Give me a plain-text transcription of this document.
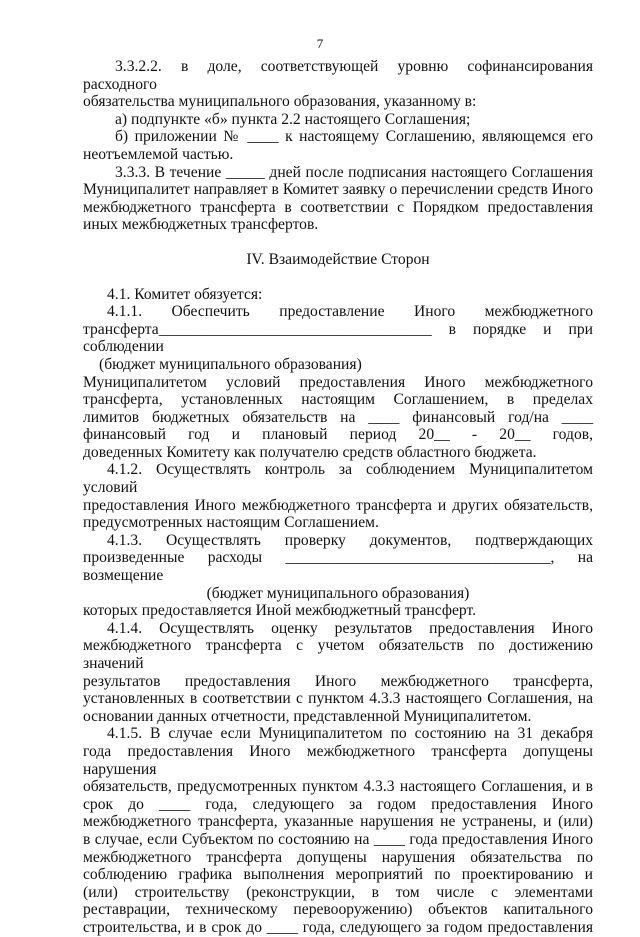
7

3.3.2.2. в доле, соответствующей уровню софинансирования расходного

обязательства муниципального образования, указанному в:

а) подпункте «б» пункта 2.2 настоящего Соглашения;

б) приложении № ____ к настоящему Соглашению, являющемся его

неотъемлемой частью.

3.3.3. В течение _____ дней после подписания настоящего Соглашения

Муниципалитет направляет в Комитет заявку о перечислении средств Иного

межбюджетного трансферта в соответствии с Порядком предоставления

иных межбюджетных трансфертов.

IV. Взаимодействие Сторон

4.1. Комитет обязуется:

4.1.1. Обеспечить предоставление Иного межбюджетного

трансферта___________________________________ в порядке и при соблюдении

(бюджет муниципального образования)

Муниципалитетом условий предоставления Иного межбюджетного

трансферта, установленных настоящим Соглашением, в пределах

лимитов бюджетных обязательств на ____ финансовый год/на ____

финансовый год и плановый период 20__ - 20__ годов,

доведенных Комитету как получателю средств областного бюджета.

4.1.2. Осуществлять контроль за соблюдением Муниципалитетом условий

предоставления Иного межбюджетного трансферта и других обязательств,

предусмотренных настоящим Соглашением.

4.1.3. Осуществлять проверку документов, подтверждающих

произведенные расходы __________________________________, на возмещение

(бюджет муниципального образования)

которых предоставляется Иной межбюджетный трансферт.

4.1.4. Осуществлять оценку результатов предоставления Иного

межбюджетного трансферта с учетом обязательств по достижению значений

результатов предоставления Иного межбюджетного трансферта,

установленных в соответствии с пунктом 4.3.3 настоящего Соглашения, на

основании данных отчетности, представленной Муниципалитетом.

4.1.5. В случае если Муниципалитетом по состоянию на 31 декабря

года предоставления Иного межбюджетного трансферта допущены

нарушения

обязательств, предусмотренных пунктом 4.3.3 настоящего Соглашения, и в

срок до ____ года, следующего за годом предоставления Иного

межбюджетного трансферта, указанные нарушения не устранены, и (или)

в случае, если Субъектом по состоянию на ____ года предоставления Иного

межбюджетного трансферта допущены нарушения обязательства по

соблюдению графика выполнения мероприятий по проектированию и

(или) строительству (реконструкции, в том числе с элементами

реставрации, техническому перевооружению) объектов капитального

строительства, и в срок до ____ года, следующего за годом предоставления
